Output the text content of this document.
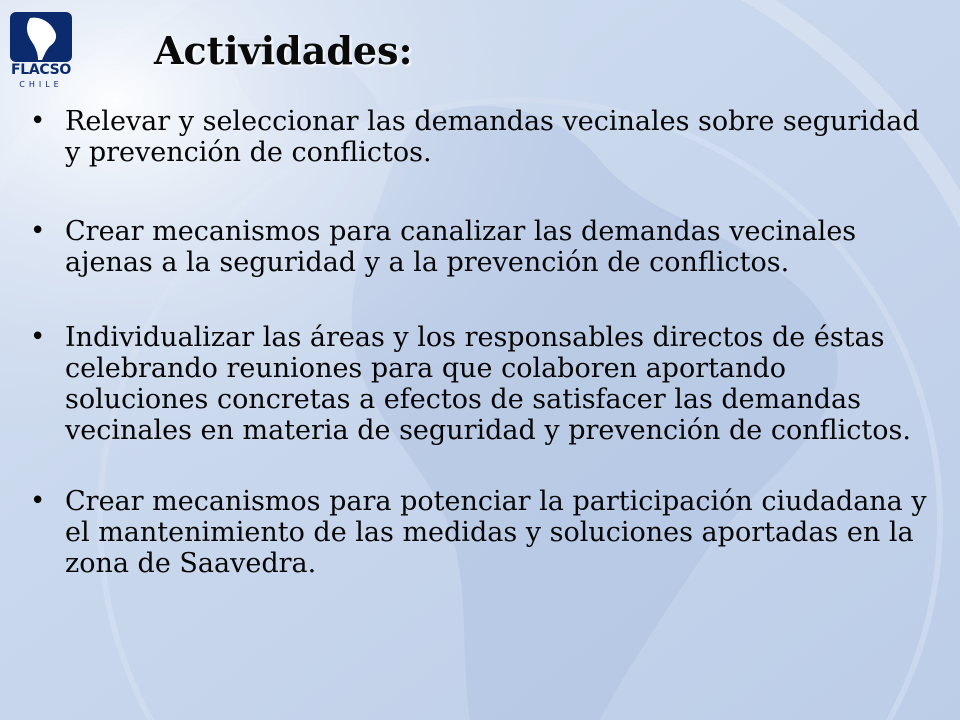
FLACSO
CHILE
Actividades:
• Relevar y seleccionar las demandas vecinales sobre seguridad y prevención de conflictos.
• Crear mecanismos para canalizar las demandas vecinales ajenas a la seguridad y a la prevención de conflictos.
• Individualizar las áreas y los responsables directos de éstas celebrando reuniones para que colaboren aportando soluciones concretas a efectos de satisfacer las demandas vecinales en materia de seguridad y prevención de conflictos.
• Crear mecanismos para potenciar la participación ciudadana y el mantenimiento de las medidas y soluciones aportadas en la zona de Saavedra.
